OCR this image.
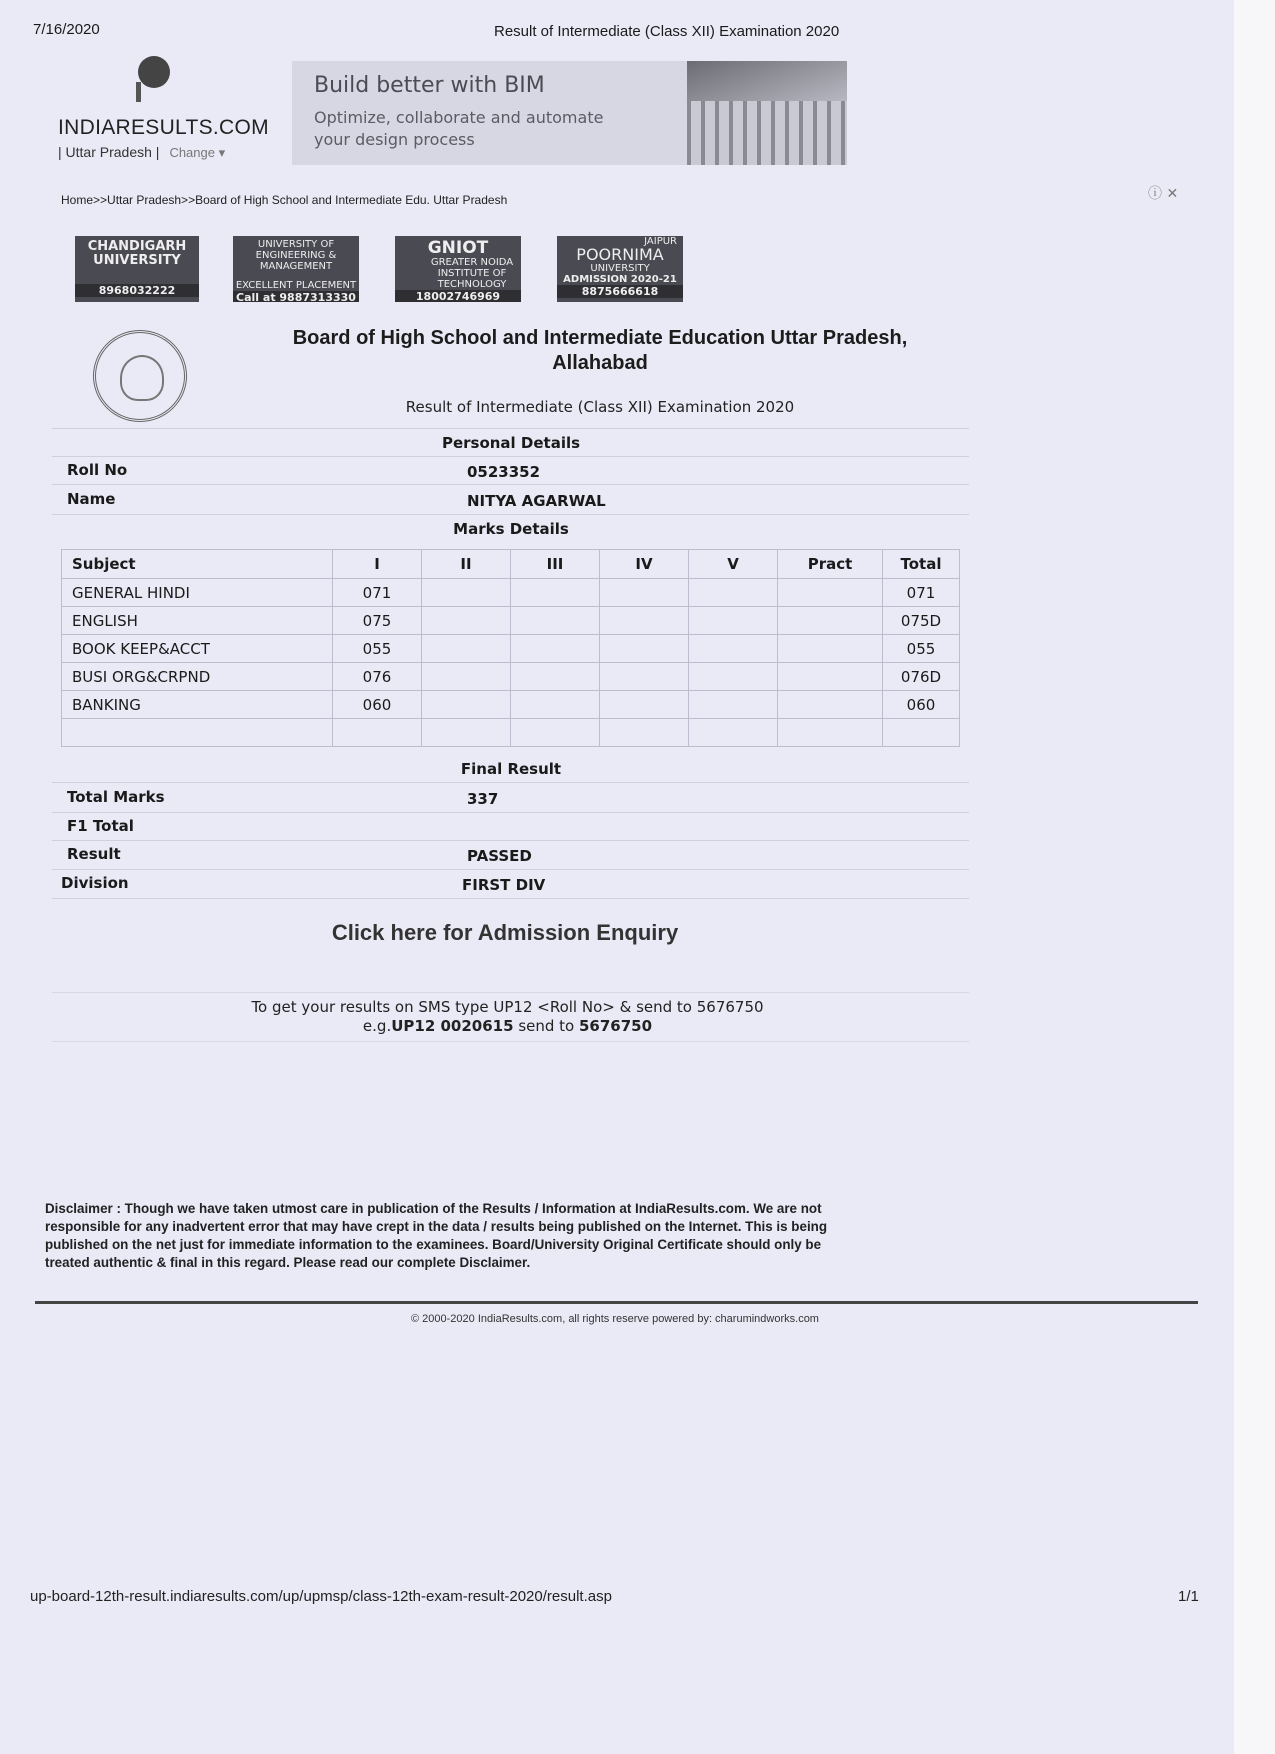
7/16/2020	Result of Intermediate (Class XII) Examination 2020
INDIARESULTS.COM
| Uttar Pradesh | Change ▾
Build better with BIM
Optimize, collaborate and automate your design process
Home>>Uttar Pradesh>>Board of High School and Intermediate Edu. Uttar Pradesh	ⓘ ✕
CHANDIGARH
UNIVERSITY
8968032222
UNIVERSITY OF
ENGINEERING & MANAGEMENT
EXCELLENT PLACEMENT
Call at 9887313330
GNIOT
GREATER NOIDA INSTITUTE OF TECHNOLOGY
18002746969
JAIPUR
POORNIMA
UNIVERSITY
ADMISSION 2020-21
8875666618
Board of High School and Intermediate Education Uttar Pradesh, Allahabad
Result of Intermediate (Class XII) Examination 2020
Personal Details
Roll No	0523352
Name	NITYA AGARWAL
Marks Details
Subject	I	II	III	IV	V	Pract	Total
GENERAL HINDI	071						071
ENGLISH	075						075D
BOOK KEEP&ACCT	055						055
BUSI ORG&CRPND	076						076D
BANKING	060						060

Final Result
Total Marks	337
F1 Total
Result	PASSED
Division	FIRST DIV
Click here for Admission Enquiry
To get your results on SMS type UP12 <Roll No> & send to 5676750
e.g.UP12 0020615 send to 5676750
Disclaimer : Though we have taken utmost care in publication of the Results / Information at IndiaResults.com. We are not responsible for any inadvertent error that may have crept in the data / results being published on the Internet. This is being published on the net just for immediate information to the examinees. Board/University Original Certificate should only be treated authentic & final in this regard. Please read our complete Disclaimer.
© 2000-2020 IndiaResults.com, all rights reserve powered by: charumindworks.com
up-board-12th-result.indiaresults.com/up/upmsp/class-12th-exam-result-2020/result.asp	1/1
